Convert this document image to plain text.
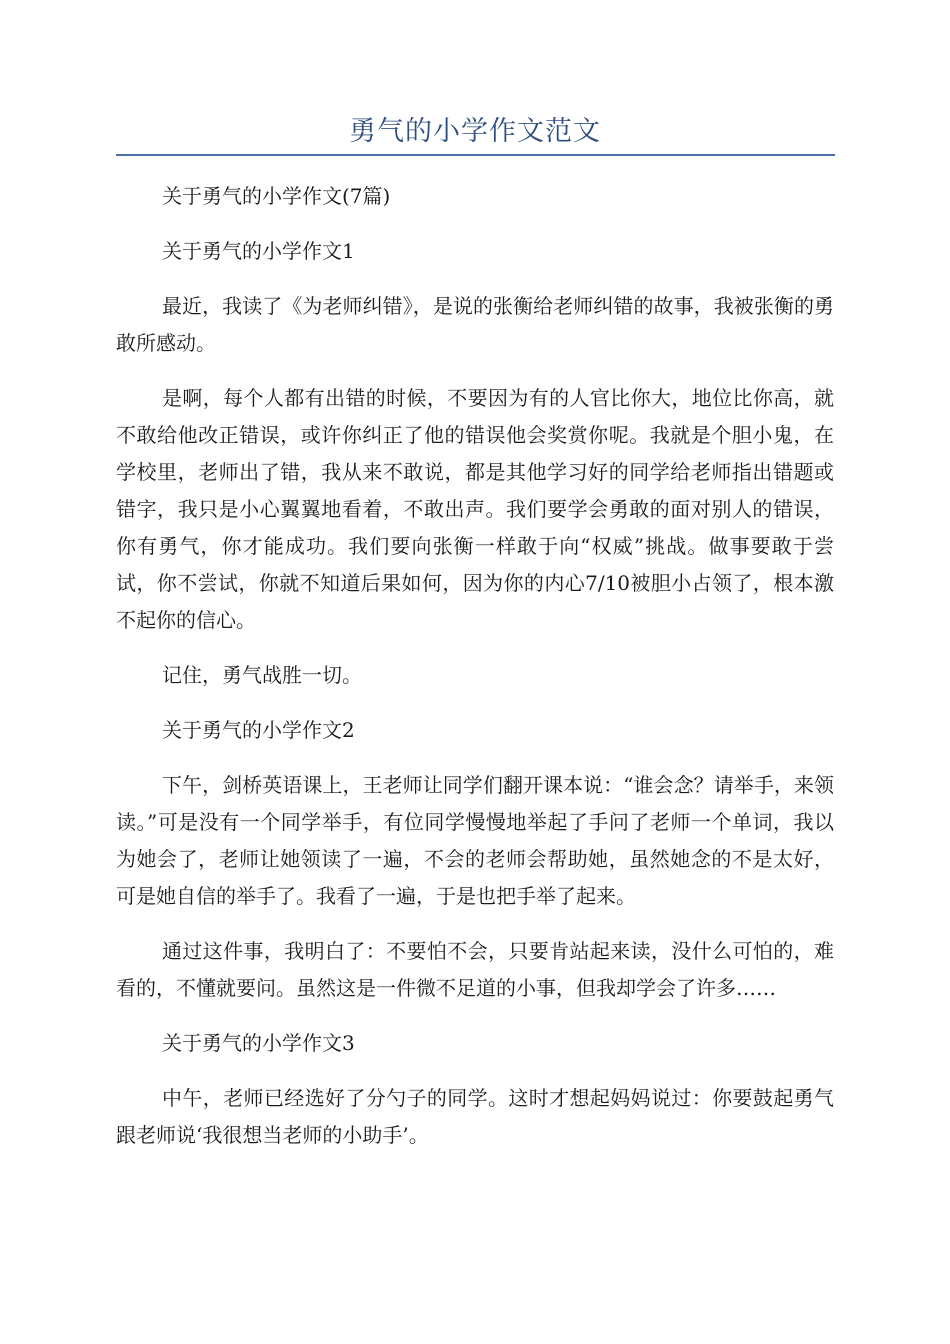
勇气的小学作文范文

关于勇气的小学作文(7篇)

关于勇气的小学作文1

最近，我读了《为老师纠错》，是说的张衡给老师纠错的故事，我被张衡的勇敢所感动。

是啊，每个人都有出错的时候，不要因为有的人官比你大，地位比你高，就不敢给他改正错误，或许你纠正了他的错误他会奖赏你呢。我就是个胆小鬼，在学校里，老师出了错，我从来不敢说，都是其他学习好的同学给老师指出错题或错字，我只是小心翼翼地看着，不敢出声。我们要学会勇敢的面对别人的错误，你有勇气，你才能成功。我们要向张衡一样敢于向“权威”挑战。做事要敢于尝试，你不尝试，你就不知道后果如何，因为你的内心7/10被胆小占领了，根本激不起你的信心。

记住，勇气战胜一切。

关于勇气的小学作文2

下午，剑桥英语课上，王老师让同学们翻开课本说：“谁会念？请举手，来领读。”可是没有一个同学举手，有位同学慢慢地举起了手问了老师一个单词，我以为她会了，老师让她领读了一遍，不会的老师会帮助她，虽然她念的不是太好，可是她自信的举手了。我看了一遍，于是也把手举了起来。

通过这件事，我明白了：不要怕不会，只要肯站起来读，没什么可怕的，难看的，不懂就要问。虽然这是一件微不足道的小事，但我却学会了许多……

关于勇气的小学作文3

中午，老师已经选好了分勺子的同学。这时才想起妈妈说过：你要鼓起勇气跟老师说‘我很想当老师的小助手’。
